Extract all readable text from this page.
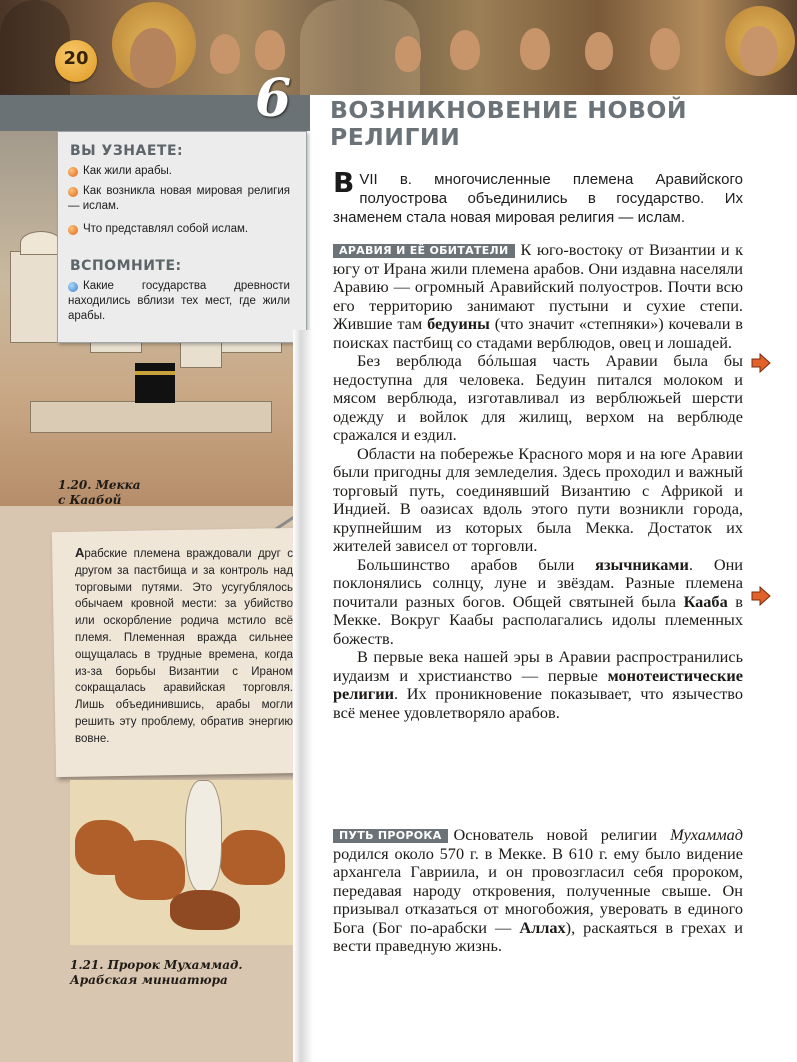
20
6
ВЫ УЗНАЕТЕ:
Как жили арабы.
Как возникла новая мировая религия — ислам.
Что представлял собой ислам.
ВСПОМНИТЕ:
Какие государства древности находились вблизи тех мест, где жили арабы.
1.20. Мекка
с Каабой
Арабские племена враждовали друг с другом за пастбища и за контроль над торговыми путями. Это усугублялось обычаем кровной мести: за убийство или оскорбление родича мстило всё племя. Племенная вражда сильнее ощущалась в трудные времена, когда из-за борьбы Византии с Ираном сокращалась аравийская торговля. Лишь объединившись, арабы могли решить эту проблему, обратив энергию вовне.
1.21. Пророк Мухаммад.
Арабская миниатюра
ВОЗНИКНОВЕНИЕ НОВОЙ РЕЛИГИИ
В VII в. многочисленные племена Аравийского полуострова объединились в государство. Их знаменем стала новая мировая религия — ислам.

АРАВИЯ И ЕЁ ОБИТАТЕЛИ К юго-востоку от Византии и к югу от Ирана жили племена арабов. Они издавна населяли Аравию — огромный Аравийский полуостров. Почти всю его территорию занимают пустыни и сухие степи. Жившие там бедуины (что значит «степняки») кочевали в поисках пастбищ со стадами верблюдов, овец и лошадей.

Без верблюда бóльшая часть Аравии была бы недоступна для человека. Бедуин питался молоком и мясом верблюда, изготавливал из верблюжьей шерсти одежду и войлок для жилищ, верхом на верблюде сражался и ездил.

Области на побережье Красного моря и на юге Аравии были пригодны для земледелия. Здесь проходил и важный торговый путь, соединявший Византию с Африкой и Индией. В оазисах вдоль этого пути возникли города, крупнейшим из которых была Мекка. Достаток их жителей зависел от торговли.

Большинство арабов были язычниками. Они поклонялись солнцу, луне и звёздам. Разные племена почитали разных богов. Общей святыней была Кааба в Мекке. Вокруг Каабы располагались идолы племенных божеств.

В первые века нашей эры в Аравии распространились иудаизм и христианство — первые монотеистические религии. Их проникновение показывает, что язычество всё менее удовлетворяло арабов.

ПУТЬ ПРОРОКА Основатель новой религии Мухаммад родился около 570 г. в Мекке. В 610 г. ему было видение архангела Гавриила, и он провозгласил себя пророком, передавая народу откровения, полученные свыше. Он призывал отказаться от многобожия, уверовать в единого Бога (Бог по-арабски — Аллах), раскаяться в грехах и вести праведную жизнь.
